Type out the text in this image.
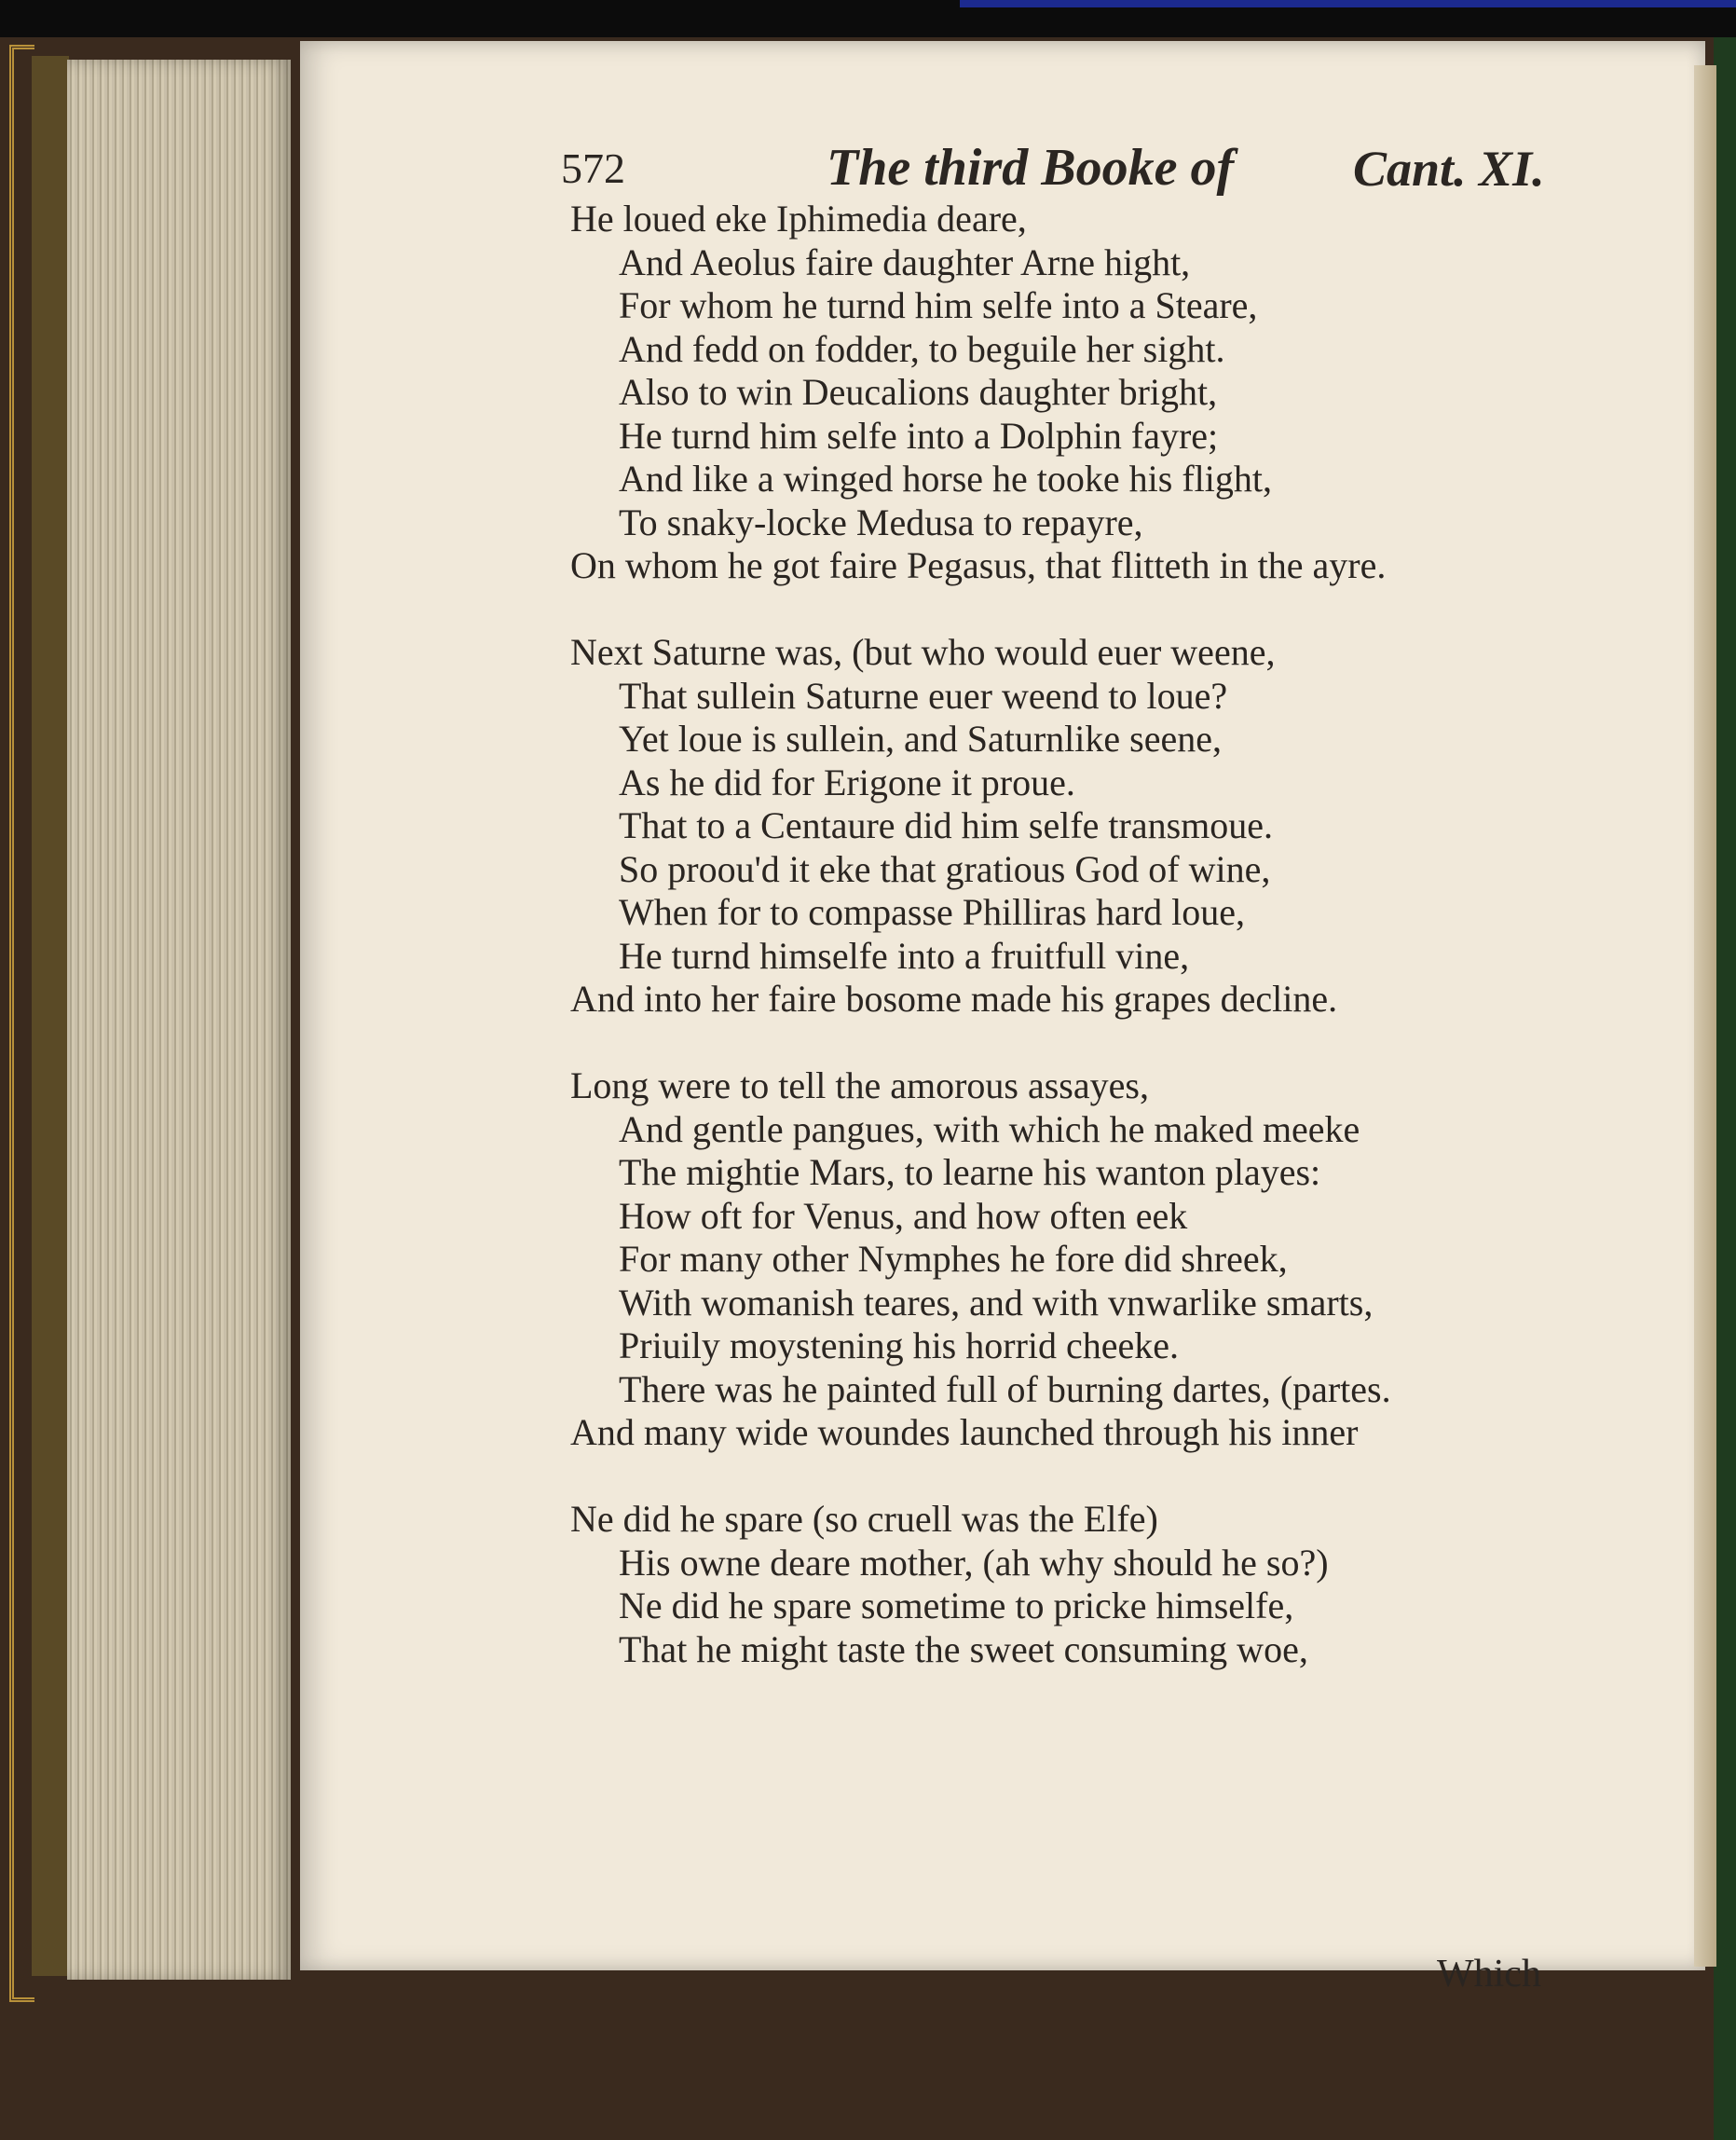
572	The third Booke of Cant. XI.
He loued eke Iphimedia deare,
And Aeolus faire daughter Arne hight,
For whom he turnd him selfe into a Steare,
And fedd on fodder, to beguile her sight.
Also to win Deucalions daughter bright,
He turnd him selfe into a Dolphin fayre;
And like a winged horse he tooke his flight,
To snaky-locke Medusa to repayre,
On whom he got faire Pegasus, that flitteth in the ayre.
Next Saturne was, (but who would euer weene,
That sullein Saturne euer weend to loue?
Yet loue is sullein, and Saturnlike seene,
As he did for Erigone it proue.
That to a Centaure did him selfe transmoue.
So proou'd it eke that gratious God of wine,
When for to compasse Philliras hard loue,
He turnd himselfe into a fruitfull vine,
And into her faire bosome made his grapes decline.
Long were to tell the amorous assayes,
And gentle pangues, with which he maked meeke
The mightie Mars, to learne his wanton playes:
How oft for Venus, and how often eek
For many other Nymphes he fore did shreek,
With womanish teares, and with vnwarlike smarts,
Priuily moystening his horrid cheeke.
There was he painted full of burning dartes, (partes.
And many wide woundes launched through his inner
Ne did he spare (so cruell was the Elfe)
His owne deare mother, (ah why should he so?)
Ne did he spare sometime to pricke himselfe,
That he might taste the sweet consuming woe,
Which
